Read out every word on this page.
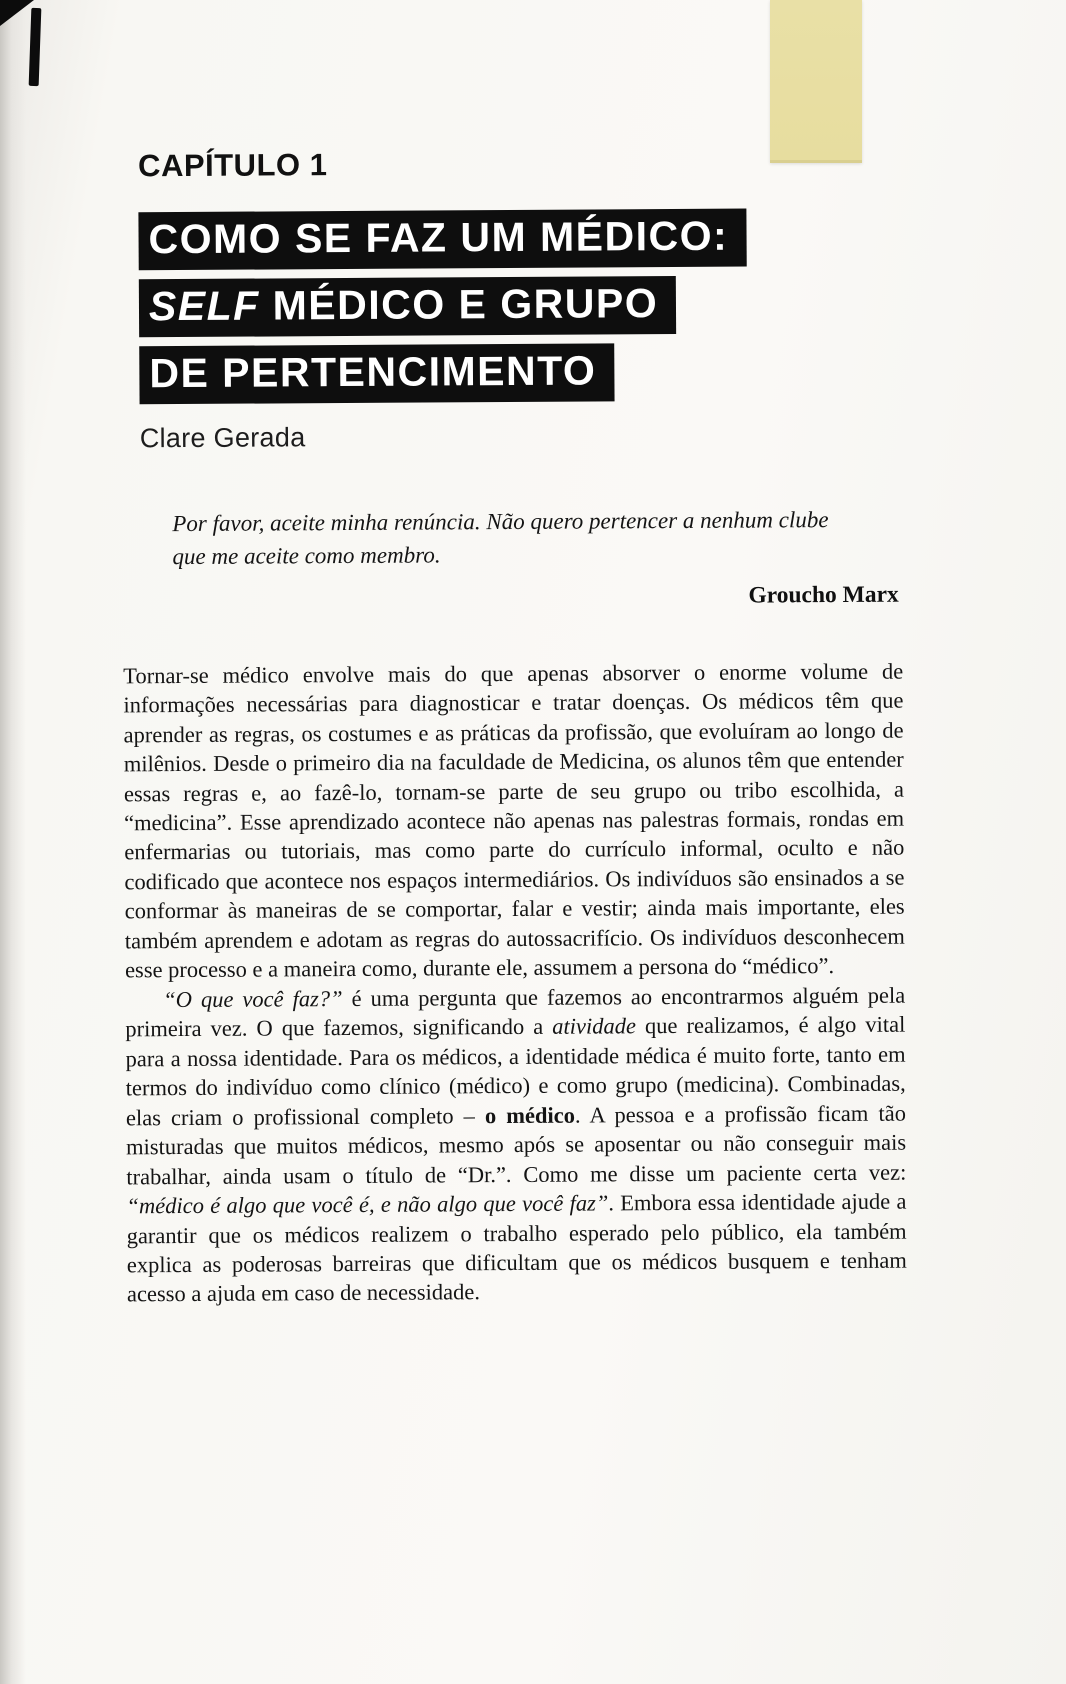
CAPÍTULO 1
COMO SE FAZ UM MÉDICO:
SELF MÉDICO E GRUPO
DE PERTENCIMENTO
Clare Gerada
Por favor, aceite minha renúncia. Não quero pertencer a nenhum clube que me aceite como membro.
Groucho Marx

Tornar-se médico envolve mais do que apenas absorver o enorme volume de informações necessárias para diagnosticar e tratar doenças. Os médicos têm que aprender as regras, os costumes e as práticas da profissão, que evoluíram ao longo de milênios. Desde o primeiro dia na faculdade de Medicina, os alunos têm que entender essas regras e, ao fazê-lo, tornam-se parte de seu grupo ou tribo escolhida, a “medicina”. Esse aprendizado acontece não apenas nas palestras formais, rondas em enfermarias ou tutoriais, mas como parte do currículo informal, oculto e não codificado que acontece nos espaços intermediários. Os indivíduos são ensinados a se conformar às maneiras de se comportar, falar e vestir; ainda mais importante, eles também aprendem e adotam as regras do autossacrifício. Os indivíduos desconhecem esse processo e a maneira como, durante ele, assumem a persona do “médico”.

“O que você faz?” é uma pergunta que fazemos ao encontrarmos alguém pela primeira vez. O que fazemos, significando a atividade que realizamos, é algo vital para a nossa identidade. Para os médicos, a identidade médica é muito forte, tanto em termos do indivíduo como clínico (médico) e como grupo (medicina). Combinadas, elas criam o profissional completo – o médico. A pessoa e a profissão ficam tão misturadas que muitos médicos, mesmo após se aposentar ou não conseguir mais trabalhar, ainda usam o título de “Dr.”. Como me disse um paciente certa vez: “médico é algo que você é, e não algo que você faz”. Embora essa identidade ajude a garantir que os médicos realizem o trabalho esperado pelo público, ela também explica as poderosas barreiras que dificultam que os médicos busquem e tenham acesso a ajuda em caso de necessidade.
